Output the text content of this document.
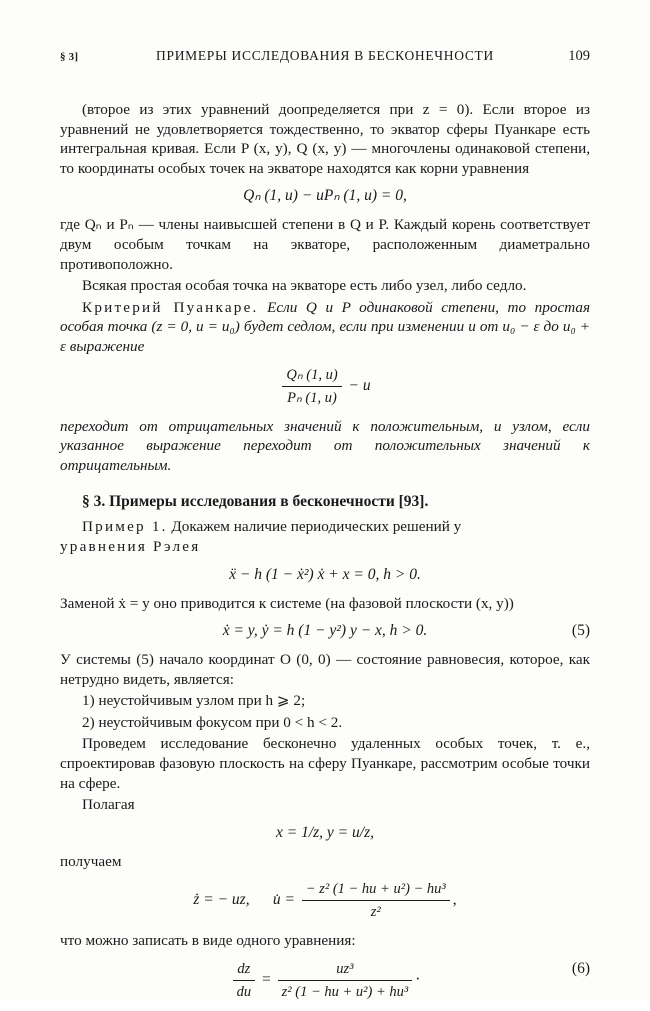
§ 3]	ПРИМЕРЫ ИССЛЕДОВАНИЯ В БЕСКОНЕЧНОСТИ	109

(второе из этих уравнений доопределяется при z = 0). Если второе из уравнений не удовлетворяется тождественно, то экватор сферы Пуанкаре есть интегральная кривая. Если P (x, y), Q (x, y) — многочлены одинаковой степени, то координаты особых точек на экваторе находятся как корни уравнения

Qₙ (1, u) − uPₙ (1, u) = 0,

где Qₙ и Pₙ — члены наивысшей степени в Q и P. Каждый корень соответствует двум особым точкам на экваторе, расположенным диаметрально противоположно.

Всякая простая особая точка на экваторе есть либо узел, либо седло.

Критерий Пуанкаре. Если Q и P одинаковой степени, то простая особая точка (z = 0, u = u₀) будет седлом, если при изменении u от u₀ − ε до u₀ + ε выражение

$\frac{\text{Qₙ (1, u)}}{\text{Pₙ (1, u)}} - u$

переходит от отрицательных значений к положительным, и узлом, если указанное выражение переходит от положительных значений к отрицательным.

§ 3. Примеры исследования в бесконечности [93].

Пример 1. Докажем наличие периодических решений у

уравнения Рэлея

ẍ − h (1 − ẋ²) ẋ + x = 0, h > 0.

Заменой ẋ = y оно приводится к системе (на фазовой плоскости (x, y))

ẋ = y, ẏ = h (1 − y²) y − x, h > 0.	(5)

У системы (5) начало координат O (0, 0) — состояние равновесия, которое, как нетрудно видеть, является:

1) неустойчивым узлом при h ⩾ 2;

2) неустойчивым фокусом при 0 < h < 2.

Проведем исследование бесконечно удаленных особых точек, т. е., спроектировав фазовую плоскость на сферу Пуанкаре, рассмотрим особые точки на сфере.

Полагая

x = 1/z, y = u/z,

получаем

ż = − uz, u̇ = $\frac{\text{− z² (1 − hu + u²) − hu³}}{\text{z²}}$ ,

что можно записать в виде одного уравнения:

$\frac{dz}{du} = \frac{\text{uz³}}{\text{z² (1 − hu + u²) + hu³}}$ ·
(6)
